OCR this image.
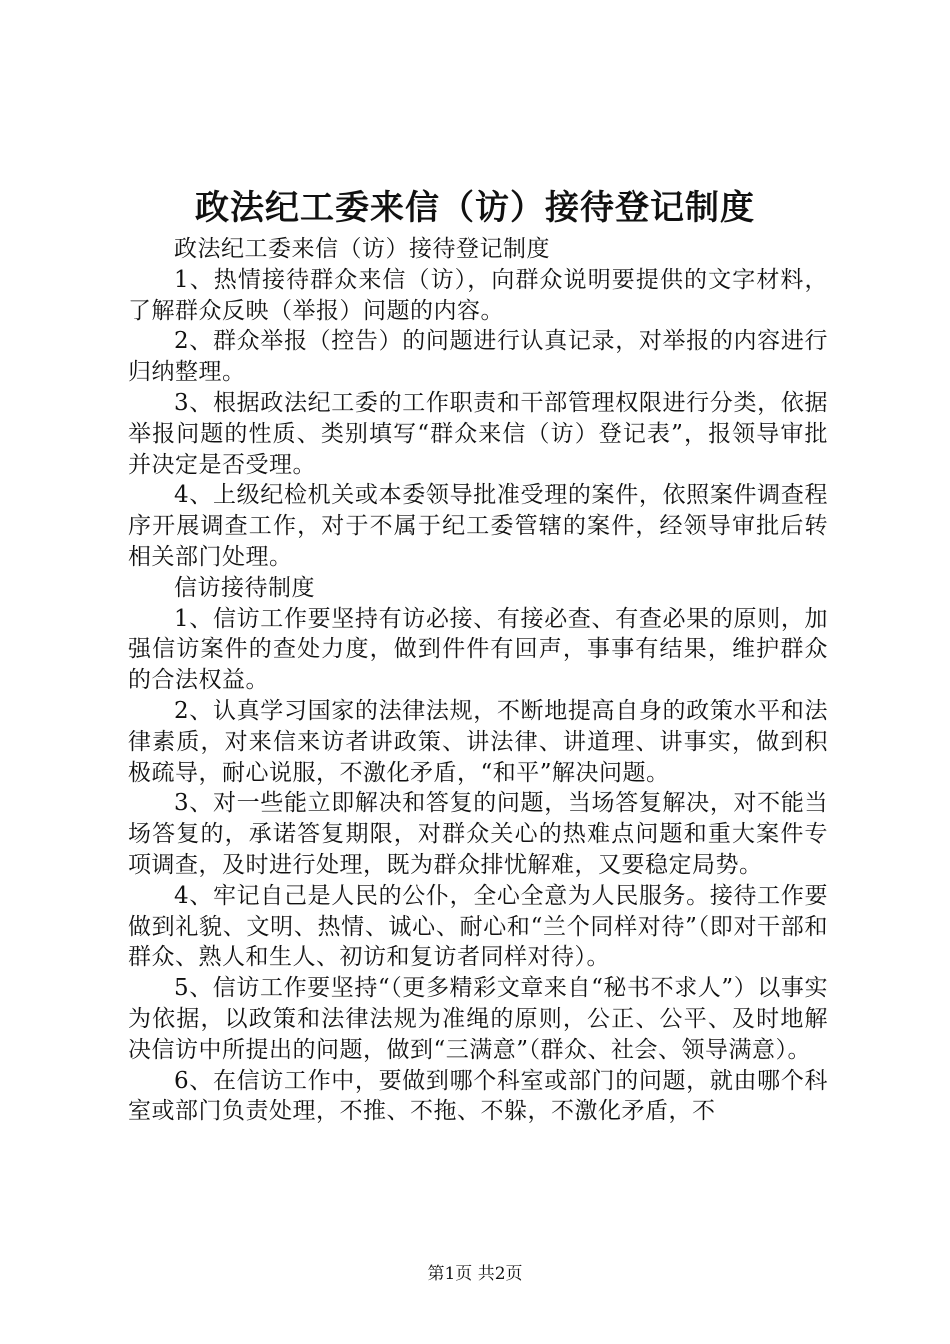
政法纪工委来信（访）接待登记制度

政法纪工委来信（访）接待登记制度

1、热情接待群众来信（访），向群众说明要提供的文字材料，了解群众反映（举报）问题的内容。

2、群众举报（控告）的问题进行认真记录，对举报的内容进行归纳整理。

3、根据政法纪工委的工作职责和干部管理权限进行分类，依据举报问题的性质、类别填写“群众来信（访）登记表”，报领导审批并决定是否受理。

4、上级纪检机关或本委领导批准受理的案件，依照案件调查程序开展调查工作，对于不属于纪工委管辖的案件，经领导审批后转相关部门处理。

信访接待制度

1、信访工作要坚持有访必接、有接必查、有查必果的原则，加强信访案件的查处力度，做到件件有回声，事事有结果，维护群众的合法权益。

2、认真学习国家的法律法规，不断地提高自身的政策水平和法律素质，对来信来访者讲政策、讲法律、讲道理、讲事实，做到积极疏导，耐心说服，不激化矛盾，“和平”解决问题。

3、对一些能立即解决和答复的问题，当场答复解决，对不能当场答复的，承诺答复期限，对群众关心的热难点问题和重大案件专项调查，及时进行处理，既为群众排忧解难，又要稳定局势。

4、牢记自己是人民的公仆，全心全意为人民服务。接待工作要做到礼貌、文明、热情、诚心、耐心和“兰个同样对待”（即对干部和群众、熟人和生人、初访和复访者同样对待）。

5、信访工作要坚持“（更多精彩文章来自“秘书不求人”）以事实为依据，以政策和法律法规为准绳的原则，公正、公平、及时地解决信访中所提出的问题，做到“三满意”（群众、社会、领导满意）。

6、在信访工作中，要做到哪个科室或部门的问题，就由哪个科室或部门负责处理，不推、不拖、不躲，不激化矛盾，不

第1页 共2页
